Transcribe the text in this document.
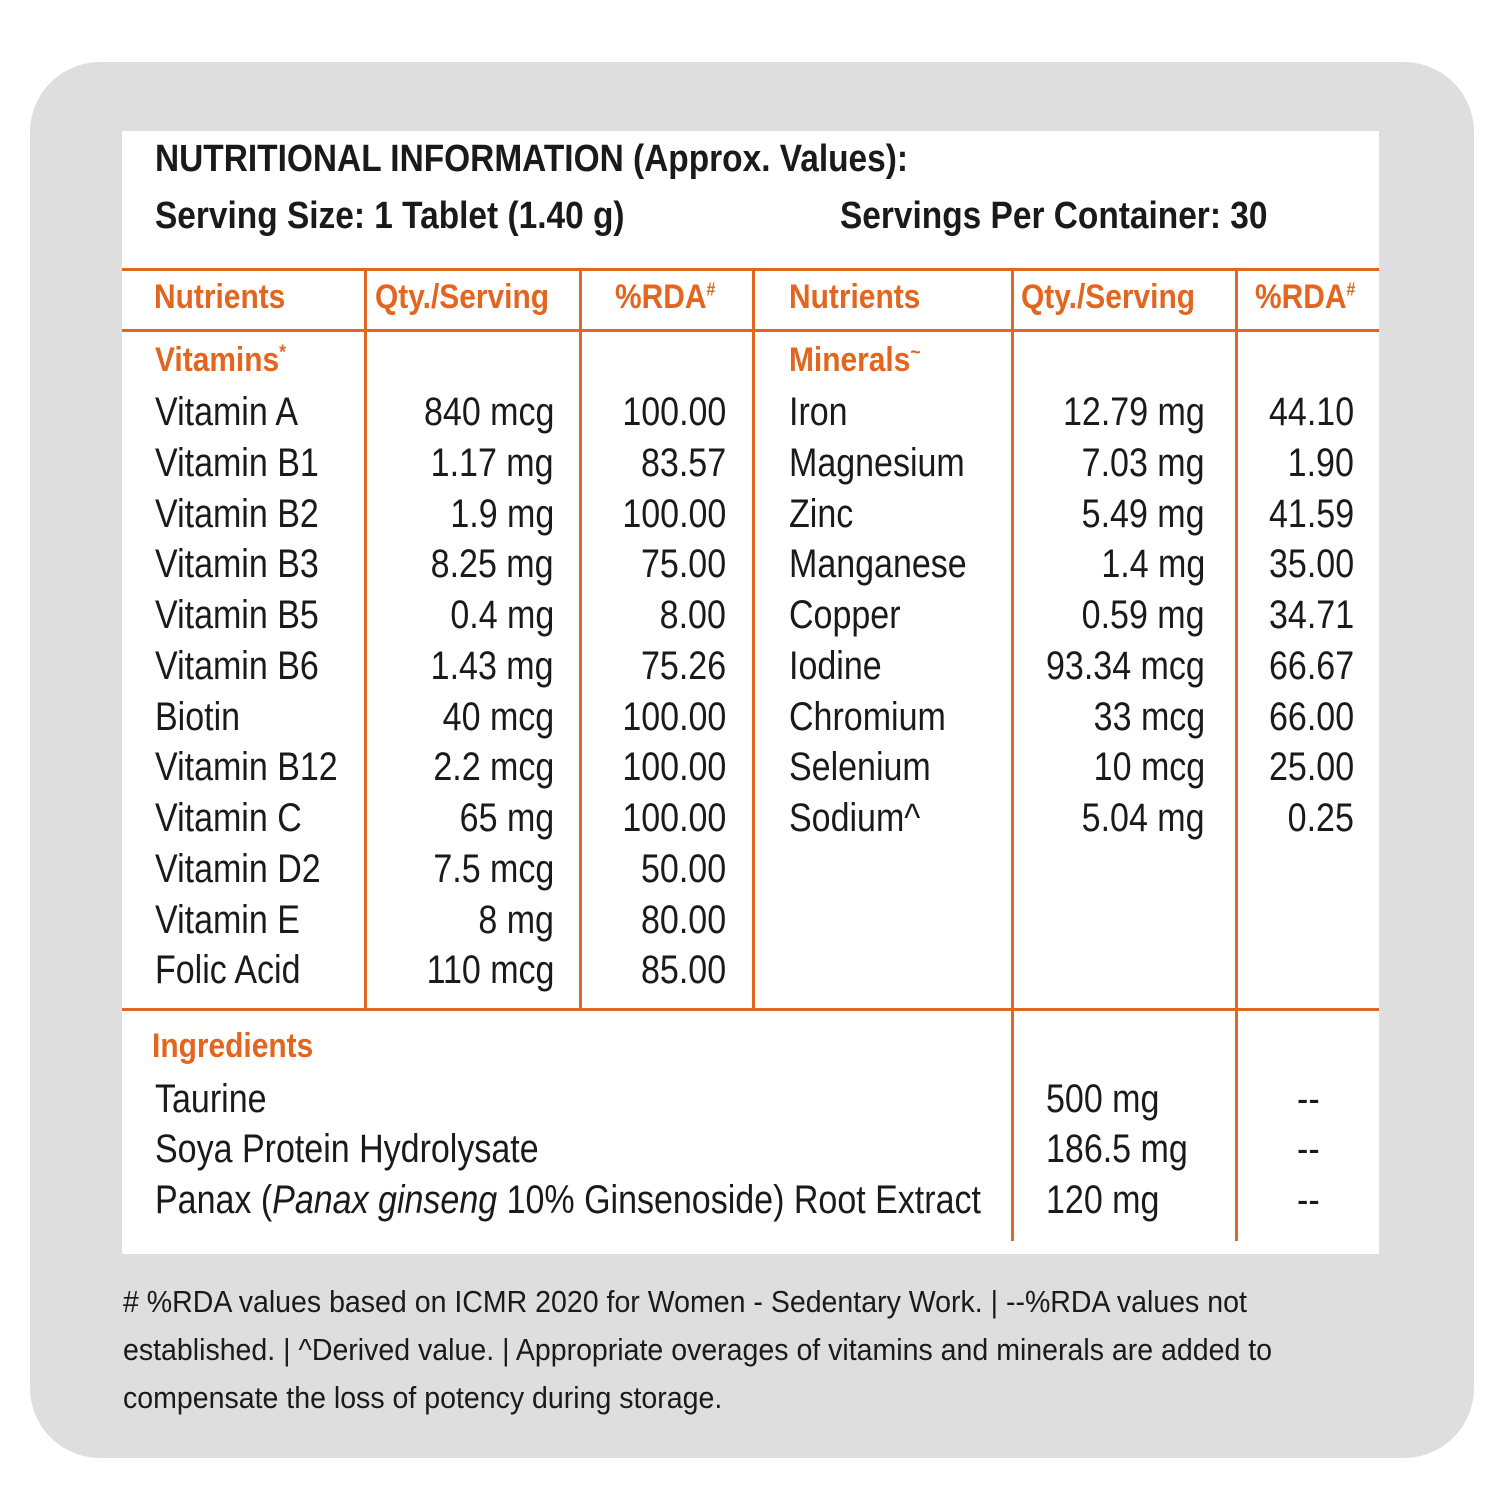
NUTRITIONAL INFORMATION (Approx. Values):
Serving Size: 1 Tablet (1.40 g)	Servings Per Container: 30
Nutrients	Qty./Serving %RDA# Nutrients	Qty./Serving %RDA#
Vitamins*	Minerals~
Ingredients
Vitamin A	840 mcg 100.00
Vitamin B1	1.17 mg 83.57
Vitamin B2	1.9 mg 100.00
Vitamin B3	8.25 mg 75.00
Vitamin B5	0.4 mg	8.00
Vitamin B6	1.43 mg 75.26
Biotin	40 mcg 100.00
Vitamin B12 2.2 mcg 100.00
Vitamin C	65 mg 100.00
Vitamin D2	7.5 mcg 50.00
Vitamin E	8 mg 80.00
Folic Acid	110 mcg 85.00
Iron	12.79 mg 44.10
Magnesium	7.03 mg 1.90
Zinc	5.49 mg 41.59
Manganese	1.4 mg 35.00
Copper	0.59 mg 34.71
Iodine	93.34 mcg 66.67
Chromium	33 mcg 66.00
Selenium	10 mcg 25.00
Sodium^	5.04 mg 0.25
Taurine	500 mg	--
Soya Protein Hydrolysate	186.5 mg	--
Panax (Panax ginseng 10% Ginsenoside) Root Extract 120 mg	--
# %RDA values based on ICMR 2020 for Women - Sedentary Work. | --%RDA values not established. | ^Derived value. | Appropriate overages of vitamins and minerals are added to compensate the loss of potency during storage.
